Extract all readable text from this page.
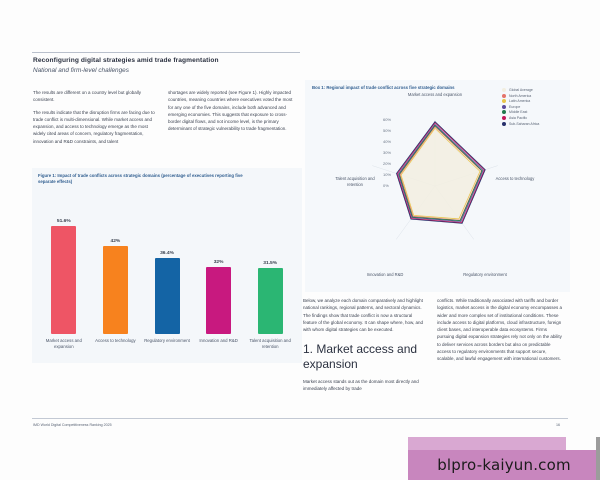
Reconfiguring digital strategies amid trade fragmentation
National and firm-level challenges

The results are different on a country level but globally consistent.

The results indicate that the disruption firms are facing due to trade conflict is multi-dimensional. While market access and expansion, and access to technology emerge as the most widely cited areas of concern, regulatory fragmentation, innovation and R&D constraints, and talent

shortages are widely reported (see Figure 1). Highly impacted countries, meaning countries where executives voted the most for any one of the five domains, include both advanced and emerging economies. This suggests that exposure to cross-border digital flows, and not income level, is the primary determinant of strategic vulnerability to trade fragmentation.

Figure 1: Impact of trade conflicts across strategic domains (percentage of executives reporting five separate effects)
51.6%
42%
36.4%
32%	31.5%
Market access and expansion
Access to technology	Regulatory environment	Innovation and R&D	Talent acquisition and retention
Box 1: Regional impact of trade conflict across five strategic domains	Global Average
North America
Latin America
Europe
Middle East
Asia Pacific
Sub-Saharan Africa
0%
10%
20%
30%
40%
50%
60%
Market access and expansion
Access to technology
Regulatory environment
Innovation and R&D
Talent acquisition and retention

Below, we analyze each domain comparatively and highlight national rankings, regional patterns, and sectoral dynamics. The findings show that trade conflict is now a structural feature of the global economy. It can shape where, how, and with whom digital strategies can be executed.

1. Market access and expansion

Market access stands out as the domain most directly and immediately affected by trade

conflicts. While traditionally associated with tariffs and border logistics, market access in the digital economy encompasses a wider and more complex set of institutional conditions. These include access to digital platforms, cloud infrastructure, foreign client bases, and interoperable data ecosystems. Firms pursuing digital expansion strategies rely not only on the ability to deliver services across borders but also on predictable access to regulatory environments that support secure, scalable, and lawful engagement with international customers.

IMD World Digital Competitiveness Ranking 2025	16
blpro-kaiyun.com
